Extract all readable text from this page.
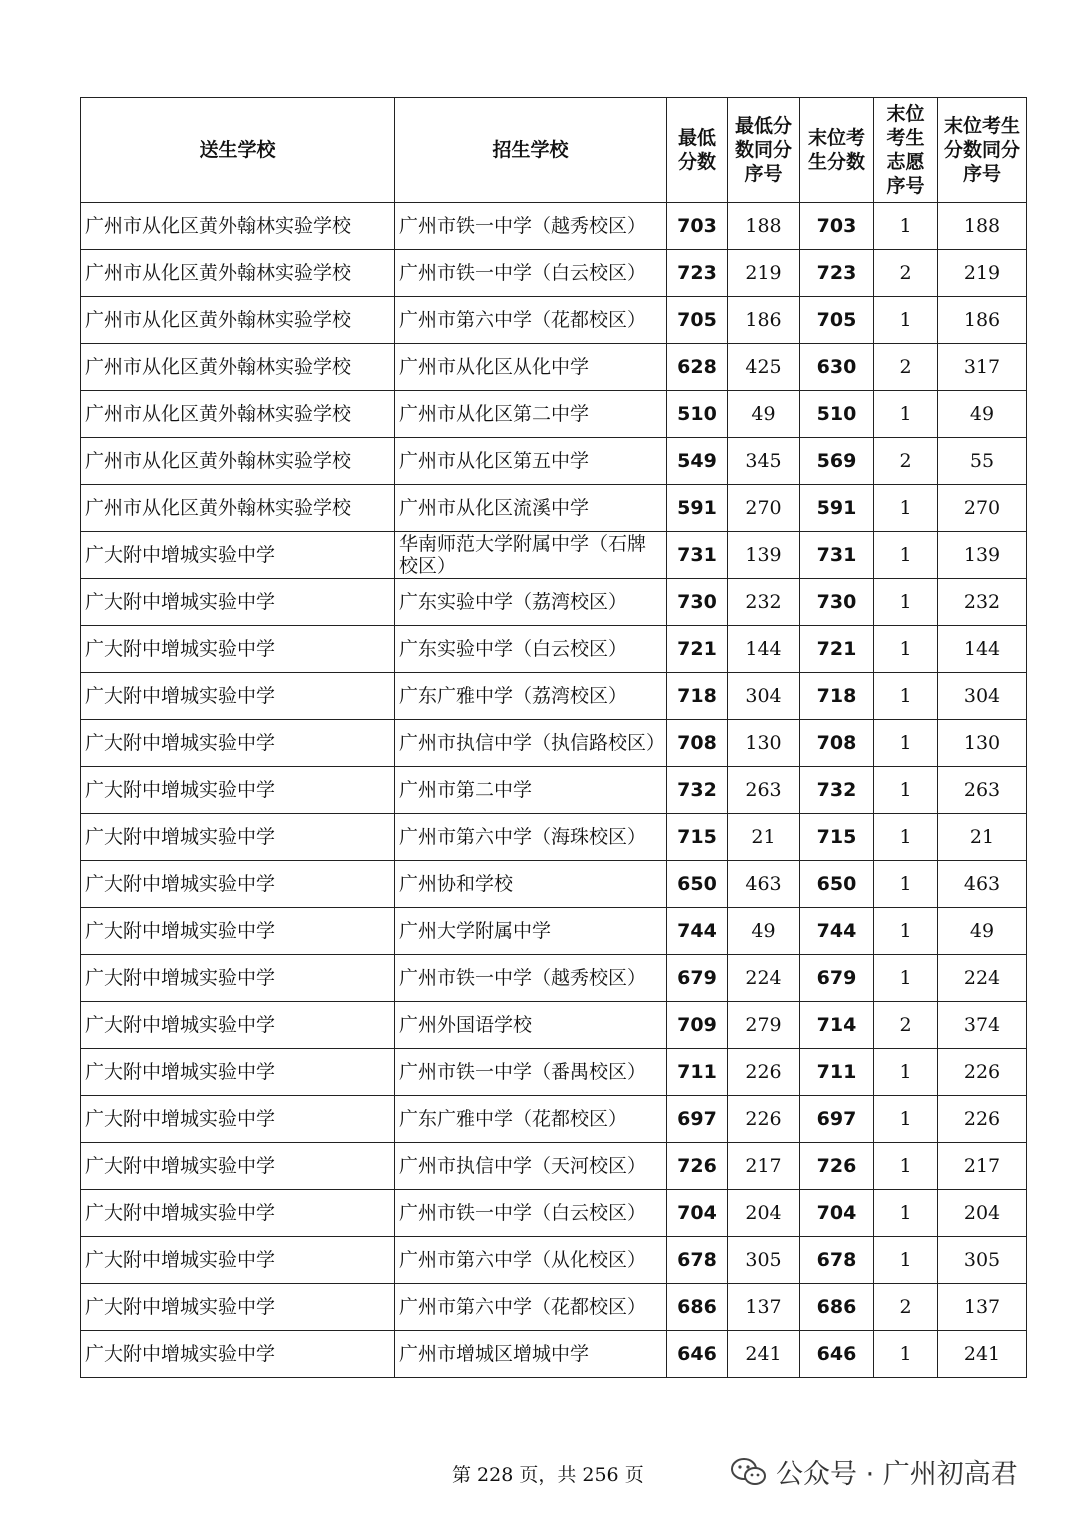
送生学校	招生学校	最低分数	最低分数同分序号	末位考生分数	末位考生志愿序号	末位考生分数同分序号
广州市从化区黄外翰林实验学校	广州市铁一中学（越秀校区）	703	188	703	1	188
广州市从化区黄外翰林实验学校	广州市铁一中学（白云校区）	723	219	723	2	219
广州市从化区黄外翰林实验学校	广州市第六中学（花都校区）	705	186	705	1	186
广州市从化区黄外翰林实验学校	广州市从化区从化中学	628	425	630	2	317
广州市从化区黄外翰林实验学校	广州市从化区第二中学	510	49	510	1	49
广州市从化区黄外翰林实验学校	广州市从化区第五中学	549	345	569	2	55
广州市从化区黄外翰林实验学校	广州市从化区流溪中学	591	270	591	1	270
广大附中增城实验中学	华南师范大学附属中学（石牌校区）	731	139	731	1	139
广大附中增城实验中学	广东实验中学（荔湾校区）	730	232	730	1	232
广大附中增城实验中学	广东实验中学（白云校区）	721	144	721	1	144
广大附中增城实验中学	广东广雅中学（荔湾校区）	718	304	718	1	304
广大附中增城实验中学	广州市执信中学（执信路校区）	708	130	708	1	130
广大附中增城实验中学	广州市第二中学	732	263	732	1	263
广大附中增城实验中学	广州市第六中学（海珠校区）	715	21	715	1	21
广大附中增城实验中学	广州协和学校	650	463	650	1	463
广大附中增城实验中学	广州大学附属中学	744	49	744	1	49
广大附中增城实验中学	广州市铁一中学（越秀校区）	679	224	679	1	224
广大附中增城实验中学	广州外国语学校	709	279	714	2	374
广大附中增城实验中学	广州市铁一中学（番禺校区）	711	226	711	1	226
广大附中增城实验中学	广东广雅中学（花都校区）	697	226	697	1	226
广大附中增城实验中学	广州市执信中学（天河校区）	726	217	726	1	217
广大附中增城实验中学	广州市铁一中学（白云校区）	704	204	704	1	204
广大附中增城实验中学	广州市第六中学（从化校区）	678	305	678	1	305
广大附中增城实验中学	广州市第六中学（花都校区）	686	137	686	2	137
广大附中增城实验中学	广州市增城区增城中学	646	241	646	1	241
第 228 页，共 256 页	公众号 · 广州初高君
